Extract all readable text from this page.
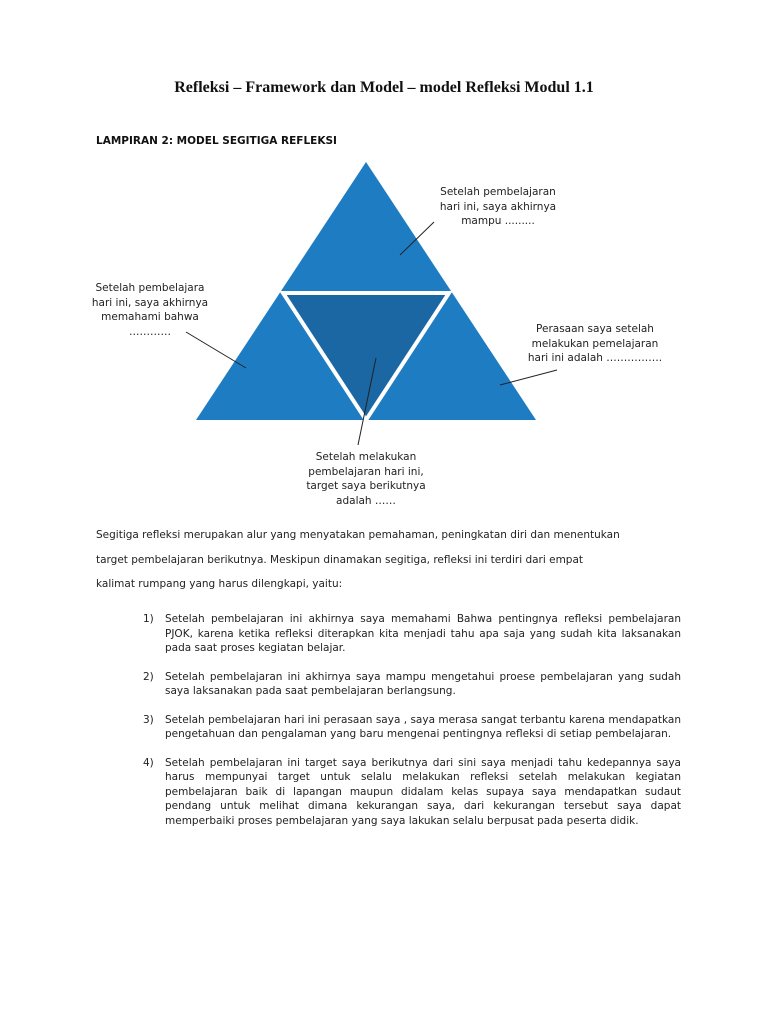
Refleksi – Framework dan Model – model Refleksi Modul 1.1
LAMPIRAN 2: MODEL SEGITIGA REFLEKSI
Setelah pembelajaran
hari ini, saya akhirnya
mampu .........
Setelah pembelajara
hari ini, saya akhirnya
memahami bahwa
…………	Perasaan saya setelah
melakukan pemelajaran
hari ini adalah …………….
Setelah melakukan
pembelajaran hari ini,
target saya berikutnya
adalah ……
Segitiga refleksi merupakan alur yang menyatakan pemahaman, peningkatan diri dan menentukan
target pembelajaran berikutnya. Meskipun dinamakan segitiga, refleksi ini terdiri dari empat
kalimat rumpang yang harus dilengkapi, yaitu:
1) Setelah pembelajaran ini akhirnya saya memahami Bahwa pentingnya refleksi pembelajaran PJOK, karena ketika refleksi diterapkan kita menjadi tahu apa saja yang sudah kita laksanakan pada saat proses kegiatan belajar.
2) Setelah pembelajaran ini akhirnya saya mampu mengetahui proese pembelajaran yang sudah saya laksanakan pada saat pembelajaran berlangsung.
3) Setelah pembelajaran hari ini perasaan saya , saya merasa sangat terbantu karena mendapatkan pengetahuan dan pengalaman yang baru mengenai pentingnya refleksi di setiap pembelajaran.
4) Setelah pembelajaran ini target saya berikutnya dari sini saya menjadi tahu kedepannya saya harus mempunyai target untuk selalu melakukan refleksi setelah melakukan kegiatan pembelajaran baik di lapangan maupun didalam kelas supaya saya mendapatkan sudaut pendang untuk melihat dimana kekurangan saya, dari kekurangan tersebut saya dapat memperbaiki proses pembelajaran yang saya lakukan selalu berpusat pada peserta didik.
